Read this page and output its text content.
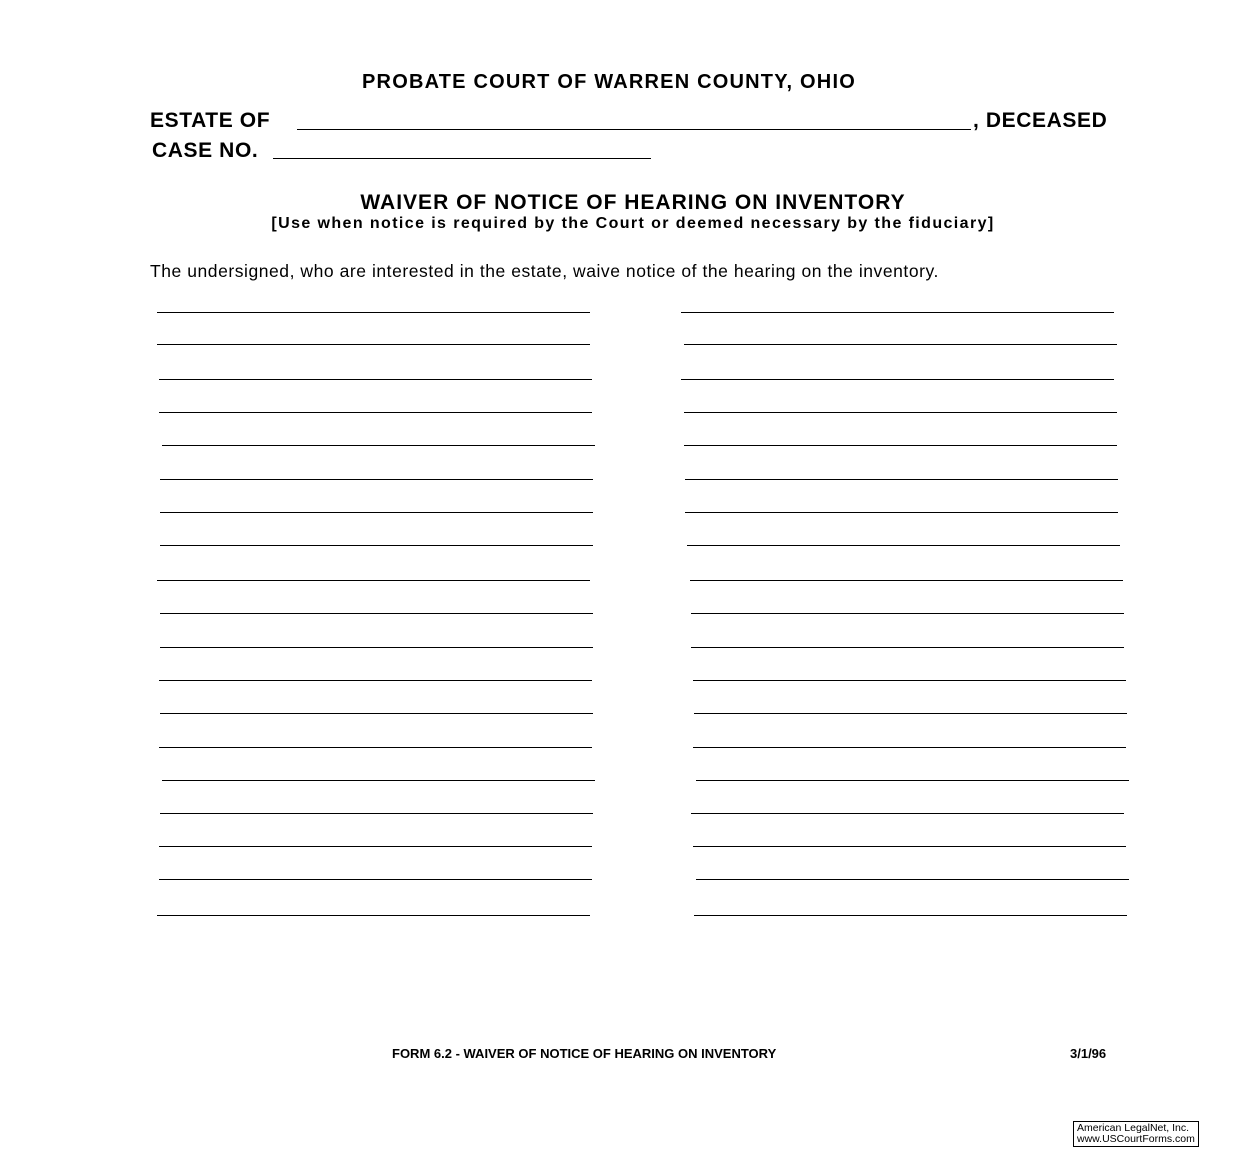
PROBATE COURT OF WARREN COUNTY, OHIO
ESTATE OF	, DECEASED
CASE NO.
WAIVER OF NOTICE OF HEARING ON INVENTORY
[Use when notice is required by the Court or deemed necessary by the fiduciary]
The undersigned, who are interested in the estate, waive notice of the hearing on the inventory.
FORM 6.2 - WAIVER OF NOTICE OF HEARING ON INVENTORY	3/1/96
American LegalNet, Inc.
www.USCourtForms.com
